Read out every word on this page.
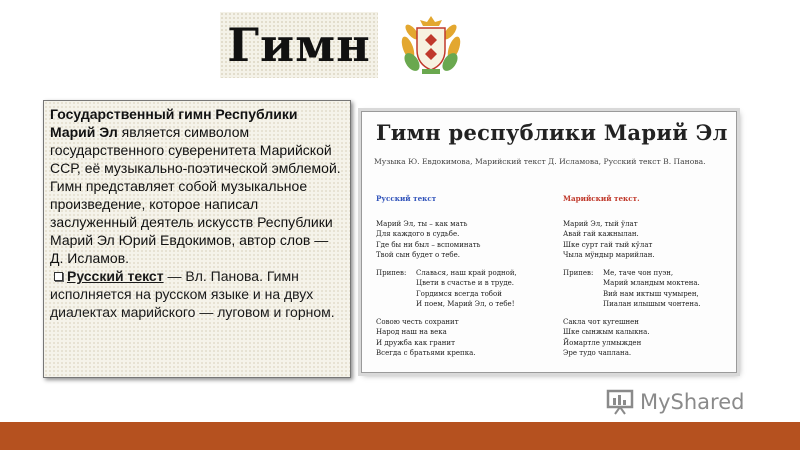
Гимн
Государственный гимн Республики Марий Эл является символом государственного суверенитета Марийской ССР, её музыкально-поэтической эмблемой. Гимн представляет собой музыкальное произведение, которое написал заслуженный деятель искусств Республики Марий Эл Юрий Евдокимов, автор слов — Д. Исламов.
Русский текст — Вл. Панова. Гимн исполняется на русском языке и на двух диалектах марийского — луговом и горном.
Гимн республики Марий Эл
Музыка Ю. Евдокимова, Марийский текст Д. Исламова, Русский текст В. Панова.
Русский текст
Марий Эл, ты – как мать
Для каждого в судьбе.
Где бы ни был – вспоминать
Твой сын будет о тебе.
Припев:	Славься, наш край родной,
Цвети в счастье и в труде.
Гордимся всегда тобой
И поем, Марий Эл, о тебе!
Совою честь сохранит
Народ наш на века
И дружба как гранит
Всегда с братьями крепка.
Марийский текст.
Марий Эл, тый ӱлат
Авай гай кажнылан.
Шке сурт гай тый кӱлат
Чыла мӱндыр марийлан.
Припев:	Ме, таче чон пуэн,
Марий мландым моктена.
Вий нам иктыш чумырен,
Пиалан илышым чонтена.
Сакла чот кугешнен
Шке сынжым калыкна.
Йомартле улмыжден
Эре тудо чаплана.
MyShared
